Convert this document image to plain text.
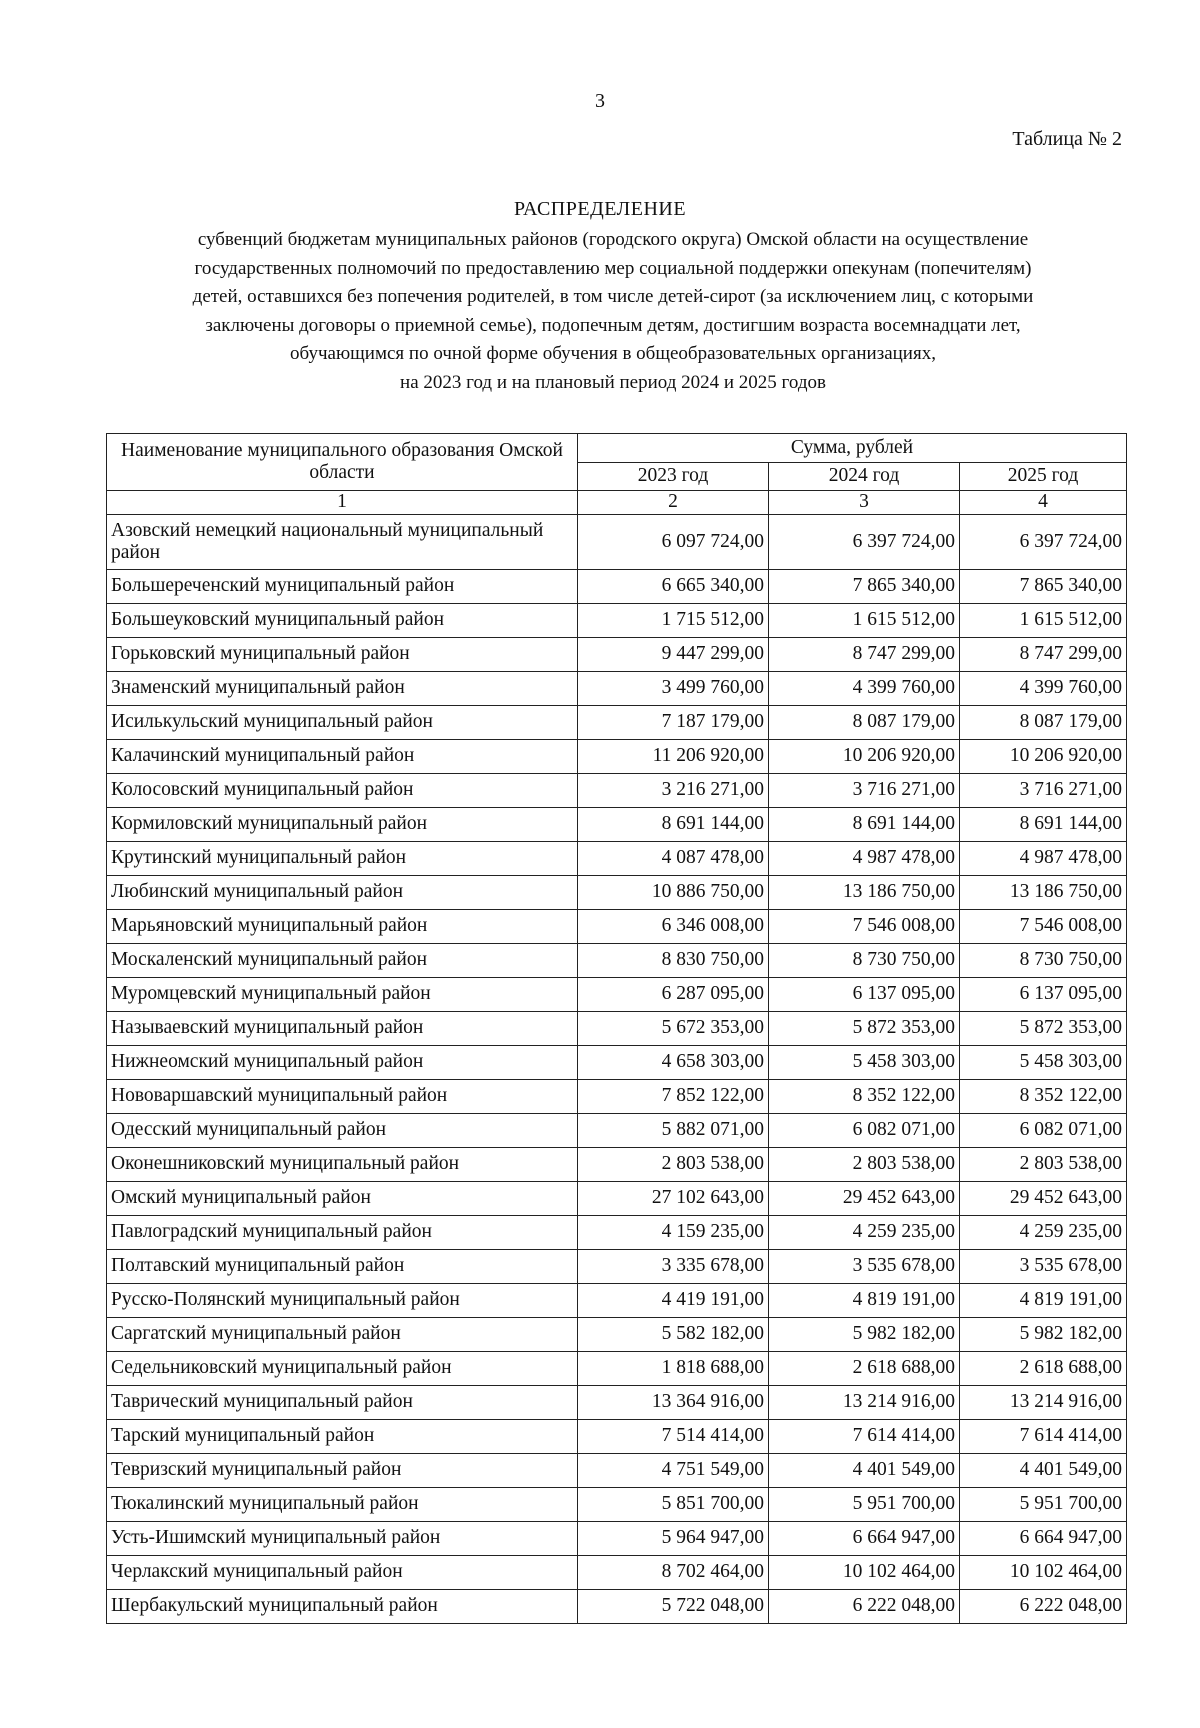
3
Таблица № 2
РАСПРЕДЕЛЕНИЕ
субвенций бюджетам муниципальных районов (городского округа) Омской области на осуществление
государственных полномочий по предоставлению мер социальной поддержки опекунам (попечителям)
детей, оставшихся без попечения родителей, в том числе детей-сирот (за исключением лиц, с которыми
заключены договоры о приемной семье), подопечным детям, достигшим возраста восемнадцати лет,
обучающимся по очной форме обучения в общеобразовательных организациях,
на 2023 год и на плановый период 2024 и 2025 годов
Наименование муниципального образования Омской области	Сумма, рублей		
	2023 год	2024 год	2025 год
1	2	3	4
Азовский немецкий национальный муниципальный район	6 097 724,00	6 397 724,00	6 397 724,00
Большереченский муниципальный район	6 665 340,00	7 865 340,00	7 865 340,00
Большеуковский муниципальный район	1 715 512,00	1 615 512,00	1 615 512,00
Горьковский муниципальный район	9 447 299,00	8 747 299,00	8 747 299,00
Знаменский муниципальный район	3 499 760,00	4 399 760,00	4 399 760,00
Исилькульский муниципальный район	7 187 179,00	8 087 179,00	8 087 179,00
Калачинский муниципальный район	11 206 920,00	10 206 920,00	10 206 920,00
Колосовский муниципальный район	3 216 271,00	3 716 271,00	3 716 271,00
Кормиловский муниципальный район	8 691 144,00	8 691 144,00	8 691 144,00
Крутинский муниципальный район	4 087 478,00	4 987 478,00	4 987 478,00
Любинский муниципальный район	10 886 750,00	13 186 750,00	13 186 750,00
Марьяновский муниципальный район	6 346 008,00	7 546 008,00	7 546 008,00
Москаленский муниципальный район	8 830 750,00	8 730 750,00	8 730 750,00
Муромцевский муниципальный район	6 287 095,00	6 137 095,00	6 137 095,00
Называевский муниципальный район	5 672 353,00	5 872 353,00	5 872 353,00
Нижнеомский муниципальный район	4 658 303,00	5 458 303,00	5 458 303,00
Нововаршавский муниципальный район	7 852 122,00	8 352 122,00	8 352 122,00
Одесский муниципальный район	5 882 071,00	6 082 071,00	6 082 071,00
Оконешниковский муниципальный район	2 803 538,00	2 803 538,00	2 803 538,00
Омский муниципальный район	27 102 643,00	29 452 643,00	29 452 643,00
Павлоградский муниципальный район	4 159 235,00	4 259 235,00	4 259 235,00
Полтавский муниципальный район	3 335 678,00	3 535 678,00	3 535 678,00
Русско-Полянский муниципальный район	4 419 191,00	4 819 191,00	4 819 191,00
Саргатский муниципальный район	5 582 182,00	5 982 182,00	5 982 182,00
Седельниковский муниципальный район	1 818 688,00	2 618 688,00	2 618 688,00
Таврический муниципальный район	13 364 916,00	13 214 916,00	13 214 916,00
Тарский муниципальный район	7 514 414,00	7 614 414,00	7 614 414,00
Тевризский муниципальный район	4 751 549,00	4 401 549,00	4 401 549,00
Тюкалинский муниципальный район	5 851 700,00	5 951 700,00	5 951 700,00
Усть-Ишимский муниципальный район	5 964 947,00	6 664 947,00	6 664 947,00
Черлакский муниципальный район	8 702 464,00	10 102 464,00	10 102 464,00
Шербакульский муниципальный район	5 722 048,00	6 222 048,00	6 222 048,00
